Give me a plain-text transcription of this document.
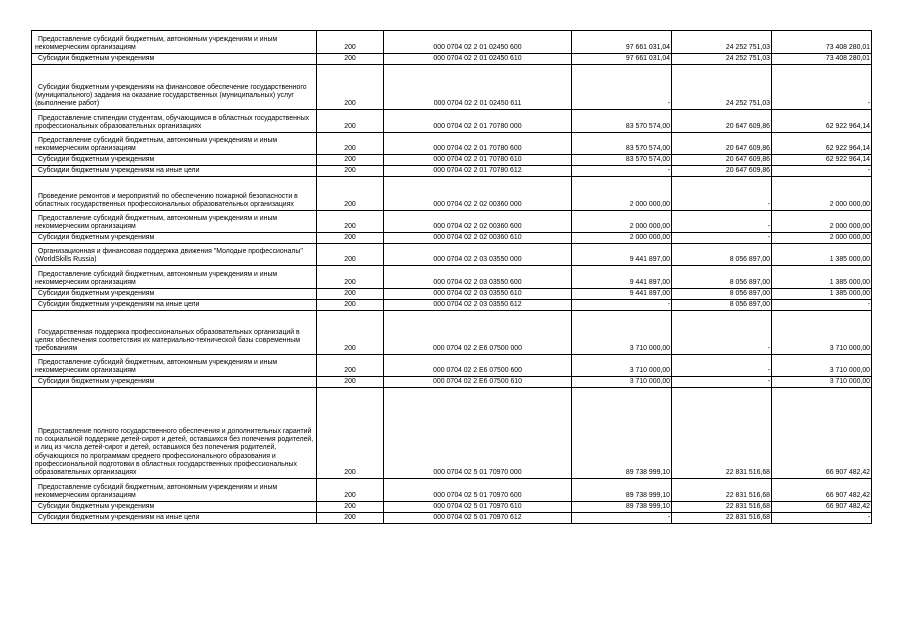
Предоставление субсидий бюджетным, автономным учреждениям и иным некоммерческим организациям	200	000 0704 02 2 01 02450 600	97 661 031,04	24 252 751,03	73 408 280,01

Субсидии бюджетным учреждениям	200	000 0704 02 2 01 02450 610	97 661 031,04	24 252 751,03	73 408 280,01

Субсидии бюджетным учреждениям на финансовое обеспечение государственного (муниципального) задания на оказание государственных (муниципальных) услуг (выполнение работ)	200	000 0704 02 2 01 02450 611	-	24 252 751,03	-

Предоставление стипендии студентам, обучающимся в областных государственных профессиональных образовательных организациях	200	000 0704 02 2 01 70780 000	83 570 574,00	20 647 609,86	62 922 964,14

Предоставление субсидий бюджетным, автономным учреждениям и иным некоммерческим организациям	200	000 0704 02 2 01 70780 600	83 570 574,00	20 647 609,86	62 922 964,14

Субсидии бюджетным учреждениям	200	000 0704 02 2 01 70780 610	83 570 574,00	20 647 609,86	62 922 964,14

Субсидии бюджетным учреждениям на иные цели	200	000 0704 02 2 01 70780 612	-	20 647 609,86	-

Проведение ремонтов и мероприятий по обеспечению пожарной безопасности в областных государственных профессиональных образовательных организациях	200	000 0704 02 2 02 00360 000	2 000 000,00	-	2 000 000,00

Предоставление субсидий бюджетным, автономным учреждениям и иным некоммерческим организациям	200	000 0704 02 2 02 00360 600	2 000 000,00	-	2 000 000,00

Субсидии бюджетным учреждениям	200	000 0704 02 2 02 00360 610	2 000 000,00	-	2 000 000,00

Организационная и финансовая поддержка движения "Молодые профессионалы" (WorldSkills Russia)	200	000 0704 02 2 03 03550 000	9 441 897,00	8 056 897,00	1 385 000,00

Предоставление субсидий бюджетным, автономным учреждениям и иным некоммерческим организациям	200	000 0704 02 2 03 03550 600	9 441 897,00	8 056 897,00	1 385 000,00

Субсидии бюджетным учреждениям	200	000 0704 02 2 03 03550 610	9 441 897,00	8 056 897,00	1 385 000,00

Субсидии бюджетным учреждениям на иные цели	200	000 0704 02 2 03 03550 612	-	8 056 897,00	-

Государственная поддержка профессиональных образовательных организаций в целях обеспечения соответствия их материально-технической базы современным требованиям	200	000 0704 02 2 Е6 07500 000	3 710 000,00	-	3 710 000,00

Предоставление субсидий бюджетным, автономным учреждениям и иным некоммерческим организациям	200	000 0704 02 2 Е6 07500 600	3 710 000,00	-	3 710 000,00

Субсидии бюджетным учреждениям	200	000 0704 02 2 Е6 07500 610	3 710 000,00	-	3 710 000,00

Предоставление полного государственного обеспечения и дополнительных гарантий по социальной поддержке детей-сирот и детей, оставшихся без попечения родителей, и лиц из числа детей-сирот и детей, оставшихся без попечения родителей, обучающихся по программам среднего профессионального образования и профессиональной подготовки в областных государственных профессиональных образовательных организациях	200	000 0704 02 5 01 70970 000	89 738 999,10	22 831 516,68	66 907 482,42

Предоставление субсидий бюджетным, автономным учреждениям и иным некоммерческим организациям	200	000 0704 02 5 01 70970 600	89 738 999,10	22 831 516,68	66 907 482,42

Субсидии бюджетным учреждениям	200	000 0704 02 5 01 70970 610	89 738 999,10	22 831 516,68	66 907 482,42

Субсидии бюджетным учреждениям на иные цели	200	000 0704 02 5 01 70970 612	-	22 831 516,68	-
